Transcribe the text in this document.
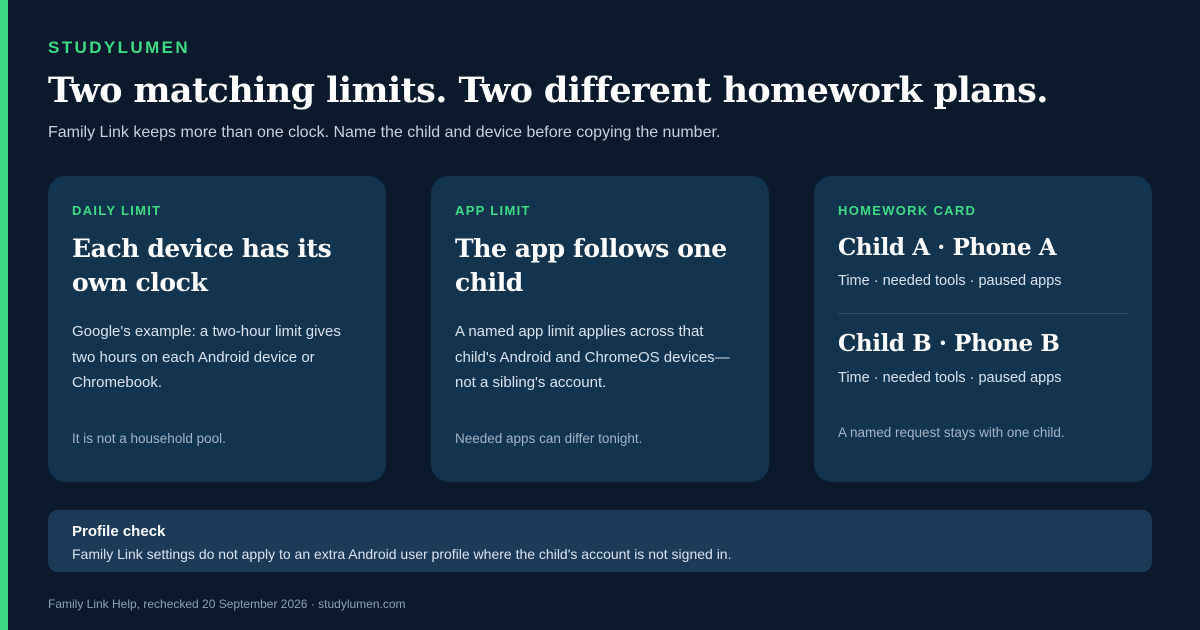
STUDYLUMEN
Two matching limits. Two different homework plans.

Family Link keeps more than one clock. Name the child and device before copying the number.

DAILY LIMIT
Each device has its own clock

Google's example: a two-hour limit gives two hours on each Android device or Chromebook.

It is not a household pool.

APP LIMIT
The app follows one child

A named app limit applies across that child's Android and ChromeOS devices—not a sibling's account.

Needed apps can differ tonight.

HOMEWORK CARD
Child A · Phone A
Time · needed tools · paused apps
Child B · Phone B
Time · needed tools · paused apps

A named request stays with one child.

Profile check
Family Link settings do not apply to an extra Android user profile where the child's account is not signed in.
Family Link Help, rechecked 20 September 2026 · studylumen.com
